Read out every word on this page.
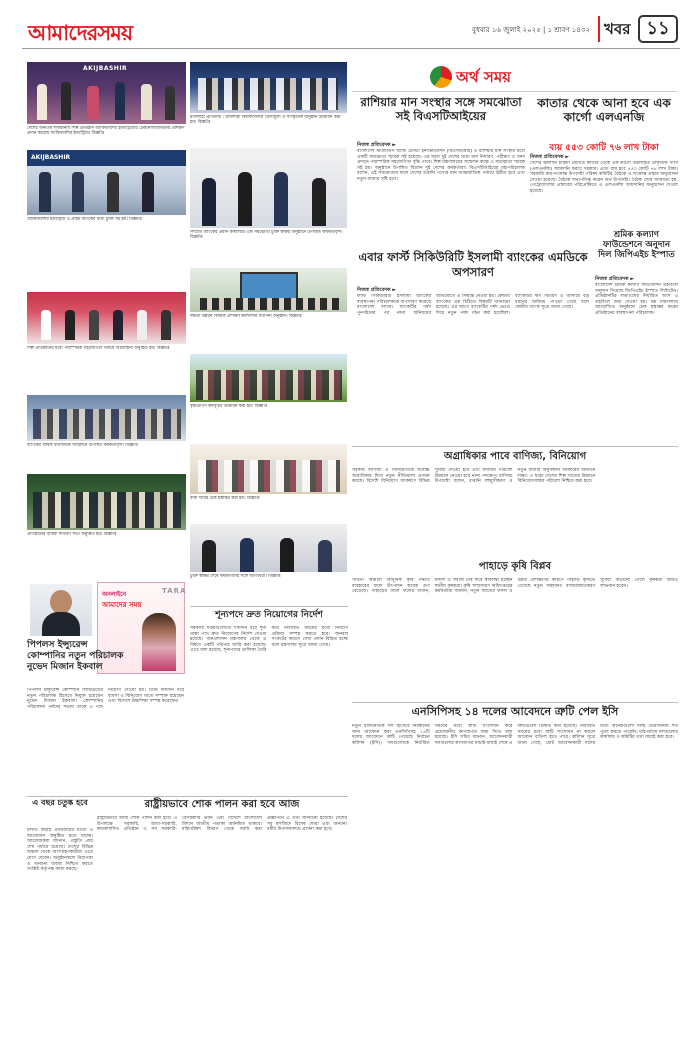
আমাদেরসময়	বুধবার ১৬ জুলাই ২০২৫ | ১ শ্রাবণ ১৪৩২ খবর ১১
AKIJBASHIR
দেশের অন্যতম শীর্ষস্থানীয় শিল্প প্রতিষ্ঠান আকিজবশির ইন্ডাস্ট্রিজের টেকনোলজিস্টদের প্রশিক্ষণ প্রদান করেছে আকিজবশির ইন্ডাস্ট্রিজ। বিজ্ঞপ্তি
AKIJBASHIR
আকিজবশির ইন্ডাস্ট্রিজ ও প্রাইম ব্যাংকের মধ্যে চুক্তি সই হয়। বিজ্ঞপ্তি
শিল্প প্রতিষ্ঠানের মধ্যে পারস্পরিক সহযোগিতা বিষয়ে আলোচনা অনুষ্ঠিত হয়। বিজ্ঞপ্তি
ব্যাংকের বার্ষিক ব্যবসায়িক সম্মেলনে উপস্থিত কর্মকর্তাবৃন্দ। বিজ্ঞপ্তি
প্রতিষ্ঠানের বার্ষিক সাধারণ সভা অনুষ্ঠিত হয়। বিজ্ঞপ্তি
রাজশাহী প্রতিনিধি : রাজশাহী বিশ্ববিদ্যালয়ে খেলাধুলা ও সাংস্কৃতিক অনুষ্ঠান উদ্বোধন করা হয়। বিজ্ঞপ্তি
সম্প্রতি ব্যাংকের প্রধান কার্যালয়ে এক সমঝোতা চুক্তি স্বাক্ষর অনুষ্ঠানে উপস্থিত কর্মকর্তাবৃন্দ। বিজ্ঞপ্তি
দক্ষতা উন্নয়ন বিষয়ক প্রশিক্ষণ কর্মশালার সমাপনী অনুষ্ঠান। বিজ্ঞপ্তি
বৃক্ষরোপণ কর্মসূচির উদ্বোধন করা হয়। বিজ্ঞপ্তি
বীমা দাবির চেক হস্তান্তর করা হয়। বিজ্ঞপ্তি
চুক্তি স্বাক্ষর শেষে কর্মকর্তাদের সঙ্গে অতিথিরা। বিজ্ঞপ্তি
অর্থ সময়
রাশিয়ার মান সংস্থার সঙ্গে সমঝোতা সই বিএসটিআইয়ের
নিজস্ব প্রতিবেদক ►
বাংলাদেশ স্ট্যান্ডার্ডস অ্যান্ড টেস্টিং ইনস্টিটিউশন (বিএসটিআই) ও রাশিয়ার মান সংস্থার মধ্যে একটি সমঝোতা স্মারক সই হয়েছে। এর ফলে দুই দেশের মধ্যে মান নির্ধারণ, পরীক্ষণ ও সনদ প্রদানে পারস্পরিক সহযোগিতা বৃদ্ধি পাবে। শিল্প মন্ত্রণালয়ের সম্মেলন কক্ষে এ সমঝোতা স্মারক সই হয়। অনুষ্ঠানে উপস্থিত ছিলেন দুই দেশের কর্মকর্তারা। বিএসটিআইয়ের মহাপরিচালক বলেন, এই সমঝোতার ফলে দেশের রপ্তানি পণ্যের মান আন্তর্জাতিক পর্যায়ে উন্নীত হবে এবং নতুন বাজার সৃষ্টি হবে।
কাতার থেকে আনা হবে এক কার্গো এলএনজি
ব্যয় ৫৫৩ কোটি ৭৬ লাখ টাকা
নিজস্ব প্রতিবেদক ►
দেশের জ্বালানি চাহিদা মেটাতে কাতার থেকে এক কার্গো তরলীকৃত প্রাকৃতিক গ্যাস (এলএনজি) আমদানি করবে সরকার। এতে ব্যয় হবে ৫৫৩ কোটি ৭৬ লাখ টাকা। সরকারি ক্রয়-সংক্রান্ত উপদেষ্টা পরিষদ কমিটির বৈঠকে এ সংক্রান্ত প্রস্তাব অনুমোদন দেওয়া হয়েছে। বৈঠকে সভাপতিত্ব করেন অর্থ উপদেষ্টা। বৈঠক শেষে জানানো হয়, পেট্রোবাংলার প্রস্তাবের পরিপ্রেক্ষিতে এ এলএনজি আমদানির অনুমোদন দেওয়া হয়েছে।
শ্রমিক কল্যাণ ফাউন্ডেশনে অনুদান দিল জিপিএইচ ইস্পাত
নিজস্ব প্রতিবেদক ►
বাংলাদেশ শ্রমিক কল্যাণ ফাউন্ডেশন তহবিলে অনুদান দিয়েছে জিপিএইচ ইস্পাত লিমিটেড। প্রতিষ্ঠানটির লভ্যাংশের নির্ধারিত অংশ এ তহবিলে জমা দেওয়া হয়। শ্রম মন্ত্রণালয়ে আয়োজিত অনুষ্ঠানে চেক হস্তান্তর করেন প্রতিষ্ঠানের ব্যবস্থাপনা পরিচালক।
এবার ফার্স্ট সিকিউরিটি ইসলামী ব্যাংকের এমডিকে অপসারণ
নিজস্ব প্রতিবেদক ►
ফার্স্ট সিকিউরিটি ইসলামী ব্যাংকের ব্যবস্থাপনা পরিচালককে অপসারণ করেছে বাংলাদেশ ব্যাংক। ব্যাংকটির পর্ষদ পুনর্গঠনের পর নানা অনিয়মের অভিযোগে এ সিদ্ধান্ত নেওয়া হয়। কেন্দ্রীয় ব্যাংকের এক চিঠিতে বিষয়টি জানানো হয়েছে। এর আগে ব্যাংকটির পর্ষদ ভেঙে দিয়ে নতুন পর্ষদ গঠন করা হয়েছিল। ব্যাংকটির ঋণ বিতরণ ও আদায়ে বড় ধরনের অনিয়ম পাওয়া গেছে বলে কেন্দ্রীয় ব্যাংক সূত্রে জানা গেছে।
অগ্রাধিকার পাবে বাণিজ্য, বিনিয়োগ
সরকার বাণিজ্য ও বিনিয়োগকে সর্বোচ্চ অগ্রাধিকার দিয়ে নতুন নীতিমালা প্রণয়ন করছে। বিদেশি বিনিয়োগ আকর্ষণে বিভিন্ন সুবিধা দেওয়া হবে এবং ব্যবসার পরিবেশ উন্নয়নে নেওয়া হবে নানা পদক্ষেপ। বাণিজ্য উপদেষ্টা বলেন, রপ্তানি বহুমুখীকরণ ও নতুন বাজার অনুসন্ধান সরকারের অন্যতম লক্ষ্য। এ ছাড়া দেশের শিল্প খাতের উন্নয়নে বিনিয়োগবান্ধব পরিবেশ নিশ্চিত করা হবে।
পাহাড়ে কৃষি বিপ্লব
পার্বত্য অঞ্চলে আধুনিক কৃষি পদ্ধতি ব্যবহারের ফলে উৎপাদন কয়েক গুণ বেড়েছে। পাহাড়ের ঢালে ফলের বাগান, মসলা ও সবজি চাষ করে স্বাবলম্বী হচ্ছেন স্থানীয় কৃষকরা। কৃষি সম্প্রসারণ অধিদপ্তরের কর্মকর্তারা জানান, নতুন জাতের ফসল ও উন্নত প্রশিক্ষণের কারণে পাহাড়ি কৃষিতে এসেছে নতুন সম্ভাবনা। বাজারজাতকরণ সুবিধা বাড়ানো গেলে কৃষকরা আরও লাভবান হবেন।
শূন্যপদে দ্রুত নিয়োগের নির্দেশ
সরকারি দপ্তরগুলোতে দীর্ঘদিন ধরে শূন্য থাকা পদে দ্রুত নিয়োগের নির্দেশ দেওয়া হয়েছে। জনপ্রশাসন মন্ত্রণালয় থেকে এ বিষয়ে একটি পরিপত্র জারি করা হয়েছে। এতে বলা হয়েছে, শূন্যপদের তালিকা তৈরি করে নির্ধারিত সময়ের মধ্যে নিয়োগ প্রক্রিয়া সম্পন্ন করতে হবে। জনবল সংকটের কারণে সেবা প্রদান বিঘ্নিত হচ্ছে বলে মন্ত্রণালয় সূত্রে জানা গেছে।
অনলাইনে
আমাদের সময়
TARA
পিপলস ইন্স্যুরেন্স কোম্পানির নতুন পরিচালক নুভেদ মিজান ইকবাল
পিপলস ইন্স্যুরেন্স কোম্পানি লিমিটেডের নতুন পরিচালক হিসেবে নিযুক্ত হয়েছেন নুভেদ মিজান ইকবাল। কোম্পানির পরিচালনা পর্ষদের সভায় তাকে এ পদে নিয়োগ দেওয়া হয়। তিনি দীর্ঘদিন ধরে ব্যবসা ও বিনিয়োগ খাতে সম্পৃক্ত রয়েছেন এবং বিদেশে উচ্চশিক্ষা সম্পন্ন করেছেন।
রাষ্ট্রীয়ভাবে শোক পালন করা হবে আজ
রাষ্ট্রীয়ভাবে আজ শোক পালন করা হবে। এ উপলক্ষে সরকারি, আধা-সরকারি, স্বায়ত্তশাসিত প্রতিষ্ঠান ও সব সরকারি-বেসরকারি ভবন এবং বিদেশে বাংলাদেশ মিশনে জাতীয় পতাকা অর্ধনমিত থাকবে। মন্ত্রিপরিষদ বিভাগ থেকে জারি করা প্রজ্ঞাপনে এ তথ্য জানানো হয়েছে। দেশের সব মসজিদে বিশেষ দোয়া এবং অন্যান্য ধর্মীয় উপাসনালয়ে প্রার্থনা করা হবে।
এ বছর চতুষ্ক হবে
চলতি বছরই প্রথমবারের মতো এ আয়োজন অনুষ্ঠিত হতে যাচ্ছে। আয়োজকরা জানান, প্রস্তুতি প্রায় শেষ পর্যায়ে রয়েছে। দেশের বিভিন্ন অঞ্চল থেকে অংশগ্রহণকারীরা এতে যোগ দেবেন। অনুষ্ঠানস্থলে নিরাপত্তা ও অন্যান্য ব্যবস্থা নিশ্চিত করতে সংশ্লিষ্ট কর্তৃপক্ষ কাজ করছে।
এনসিপিসহ ১৪ দলের আবেদনে ত্রুটি পেল ইসি
নতুন রাজনৈতিক দল হিসেবে নিবন্ধনের জন্য আবেদন করা এনসিপিসহ ১৪টি দলের আবেদনে ত্রুটি পেয়েছে নির্বাচন কমিশন (ইসি)। দলগুলোকে নির্ধারিত সময়ের মধ্যে ত্রুটি সংশোধন করে প্রয়োজনীয় কাগজপত্র জমা দিতে বলা হয়েছে। ইসি সচিব জানান, আবেদনকারী দলগুলোর কাগজপত্র যাচাই-বাছাই শেষে এ ত্রুটিগুলো চিহ্নিত করা হয়েছে। নির্ধারিত সময়ের মধ্যে ত্রুটি সংশোধন না করলে আবেদন বাতিল হতে পারে। কমিশন সূত্রে জানা গেছে, মোট আবেদনকারী দলের মধ্যে অনেকগুলো দলই প্রয়োজনীয় শর্ত পূরণ করতে পারেনি। মাঠপর্যায়ে দলগুলোর কার্যালয় ও কমিটির তথ্য যাচাই করা হবে।
